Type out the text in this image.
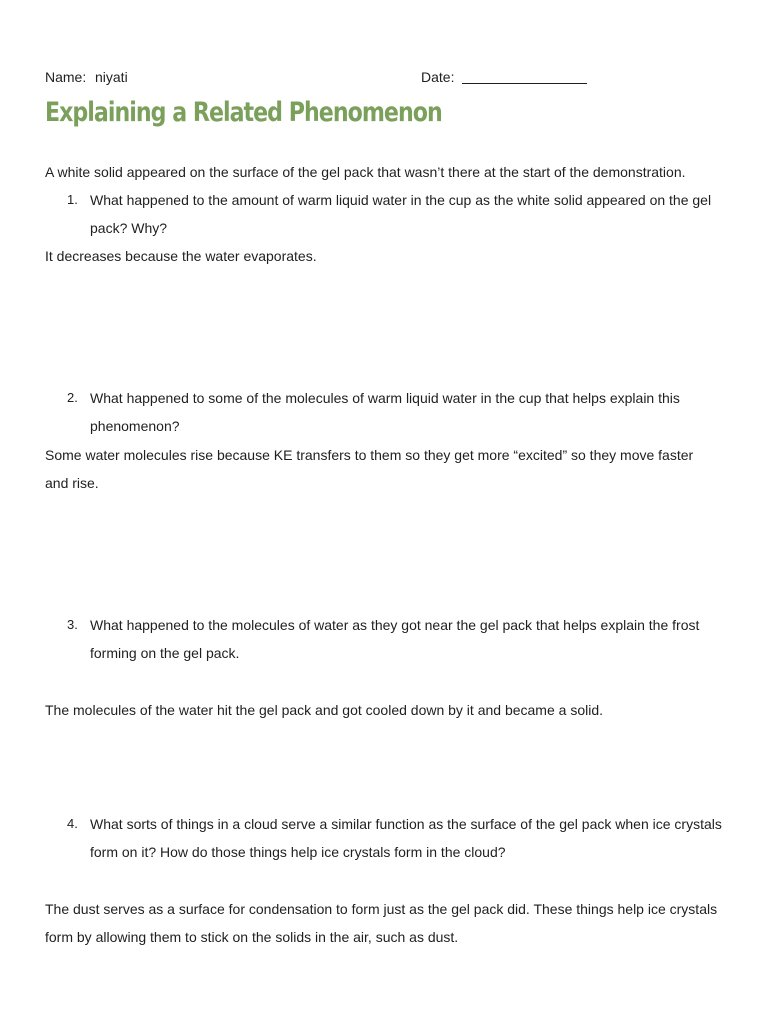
Name: niyati	Date:
Explaining a Related Phenomenon
A white solid appeared on the surface of the gel pack that wasn’t there at the start of the demonstration.
1. What happened to the amount of warm liquid water in the cup as the white solid appeared on the gel pack? Why?
It decreases because the water evaporates.
2. What happened to some of the molecules of warm liquid water in the cup that helps explain this phenomenon?
Some water molecules rise because KE transfers to them so they get more “excited” so they move faster
and rise.
3. What happened to the molecules of water as they got near the gel pack that helps explain the frost forming on the gel pack.
The molecules of the water hit the gel pack and got cooled down by it and became a solid.
4. What sorts of things in a cloud serve a similar function as the surface of the gel pack when ice crystals form on it? How do those things help ice crystals form in the cloud?
The dust serves as a surface for condensation to form just as the gel pack did. These things help ice crystals
form by allowing them to stick on the solids in the air, such as dust.
